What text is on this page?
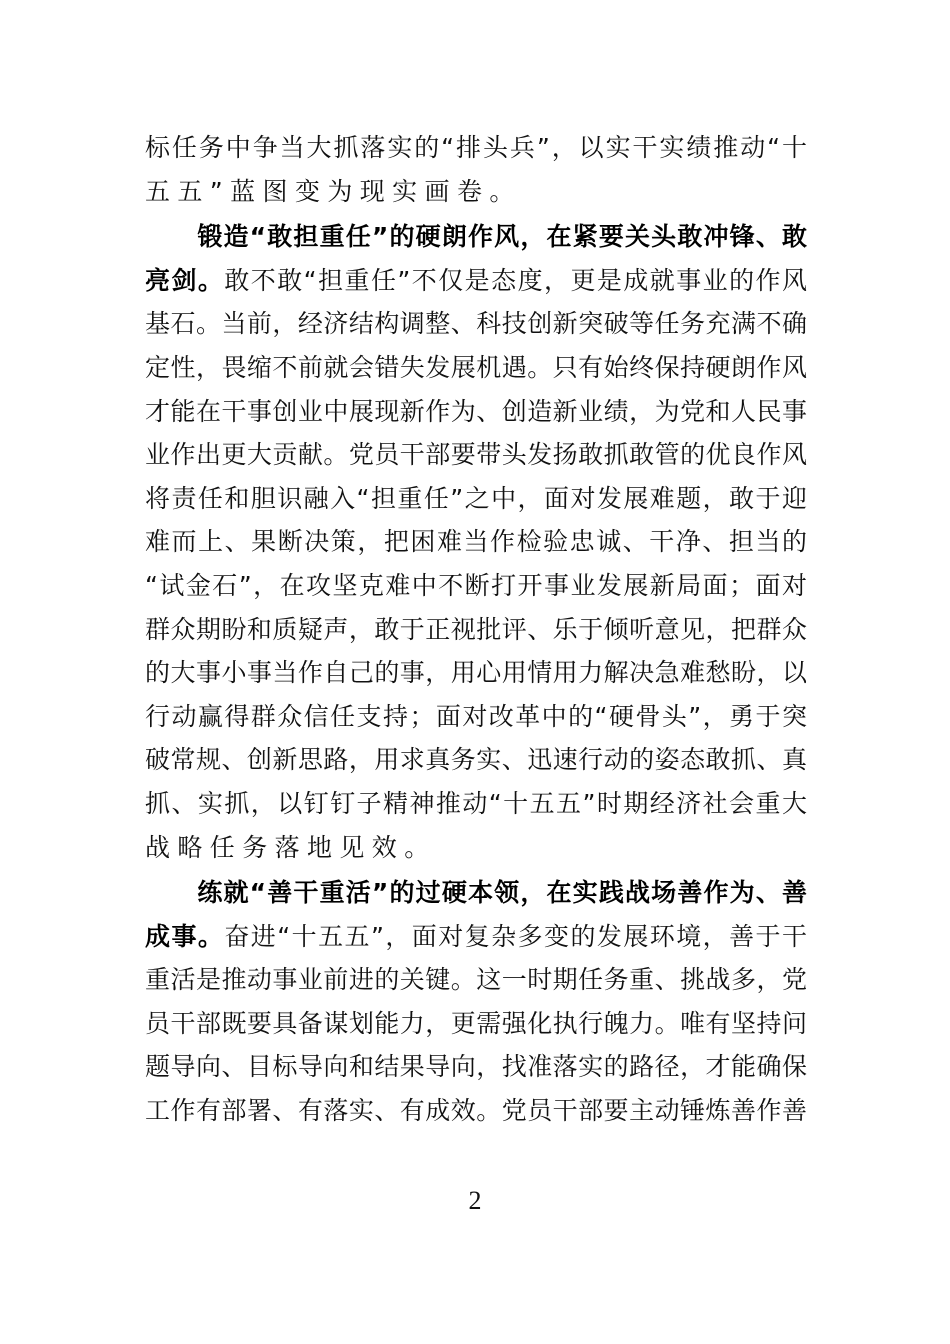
标任务中争当大抓落实的“排头兵”，以实干实绩推动“十
五五”蓝图变为现实画卷。
　　锻造“敢担重任”的硬朗作风，在紧要关头敢冲锋、敢
亮剑。敢不敢“担重任”不仅是态度，更是成就事业的作风
基石。当前，经济结构调整、科技创新突破等任务充满不确
定性，畏缩不前就会错失发展机遇。只有始终保持硬朗作风
才能在干事创业中展现新作为、创造新业绩，为党和人民事
业作出更大贡献。党员干部要带头发扬敢抓敢管的优良作风
将责任和胆识融入“担重任”之中，面对发展难题，敢于迎
难而上、果断决策，把困难当作检验忠诚、干净、担当的
“试金石”，在攻坚克难中不断打开事业发展新局面；面对
群众期盼和质疑声，敢于正视批评、乐于倾听意见，把群众
的大事小事当作自己的事，用心用情用力解决急难愁盼，以
行动赢得群众信任支持；面对改革中的“硬骨头”，勇于突
破常规、创新思路，用求真务实、迅速行动的姿态敢抓、真
抓、实抓，以钉钉子精神推动“十五五”时期经济社会重大
战略任务落地见效。
　　练就“善干重活”的过硬本领，在实践战场善作为、善
成事。奋进“十五五”，面对复杂多变的发展环境，善于干
重活是推动事业前进的关键。这一时期任务重、挑战多，党
员干部既要具备谋划能力，更需强化执行魄力。唯有坚持问
题导向、目标导向和结果导向，找准落实的路径，才能确保
工作有部署、有落实、有成效。党员干部要主动锤炼善作善
2
